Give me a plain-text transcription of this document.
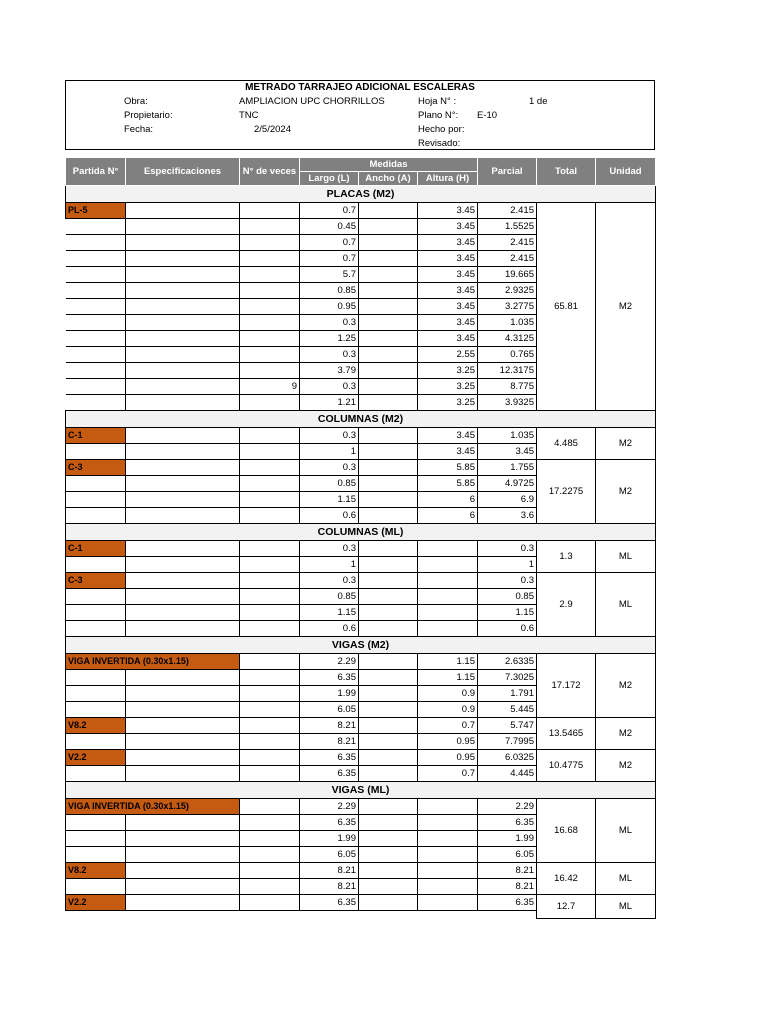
METRADO TARRAJEO ADICIONAL ESCALERAS
Obra:	AMPLIACION UPC CHORRILLOS
Propietario:	TNC
Fecha:	2/5/2024
Hoja N° :	1 de
Plano N°: E-10
Hecho por:
Revisado:
Partida N°	Especificaciones	N° de veces	Medidas			Parcial	Total	Unidad
			Largo (L)	Ancho (A)	Altura (H)			
PLACAS (M2)								
PL-5			0.7		3.45	2.415	65.81	M2
			0.45		3.45	1.5525		
			0.7		3.45	2.415		
			0.7		3.45	2.415		
			5.7		3.45	19.665		
			0.85		3.45	2.9325		
			0.95		3.45	3.2775		
			0.3		3.45	1.035		
			1.25		3.45	4.3125		
			0.3		2.55	0.765		
			3.79		3.25	12.3175		
		9	0.3		3.25	8.775		
			1.21		3.25	3.9325		
COLUMNAS (M2)								
C-1			0.3		3.45	1.035	4.485	M2
			1		3.45	3.45		
C-3			0.3		5.85	1.755	17.2275	M2
			0.85		5.85	4.9725		
			1.15		6	6.9		
			0.6		6	3.6		
COLUMNAS (ML)								
C-1			0.3			0.3	1.3	ML
			1			1		
C-3			0.3			0.3	2.9	ML
			0.85			0.85		
			1.15			1.15		
			0.6			0.6		
VIGAS (M2)								
VIGA INVERTIDA (0.30x1.15)			2.29		1.15	2.6335	17.172	M2
			6.35		1.15	7.3025		
			1.99		0.9	1.791		
			6.05		0.9	5.445		
V8.2			8.21		0.7	5.747	13.5465	M2
			8.21		0.95	7.7995		
V2.2			6.35		0.95	6.0325	10.4775	M2
			6.35		0.7	4.445		
VIGAS (ML)								
VIGA INVERTIDA (0.30x1.15)			2.29			2.29	16.68	ML
			6.35			6.35		
			1.99			1.99		
			6.05			6.05		
V8.2			8.21			8.21	16.42	ML
			8.21			8.21		
V2.2			6.35			6.35	12.7	ML
